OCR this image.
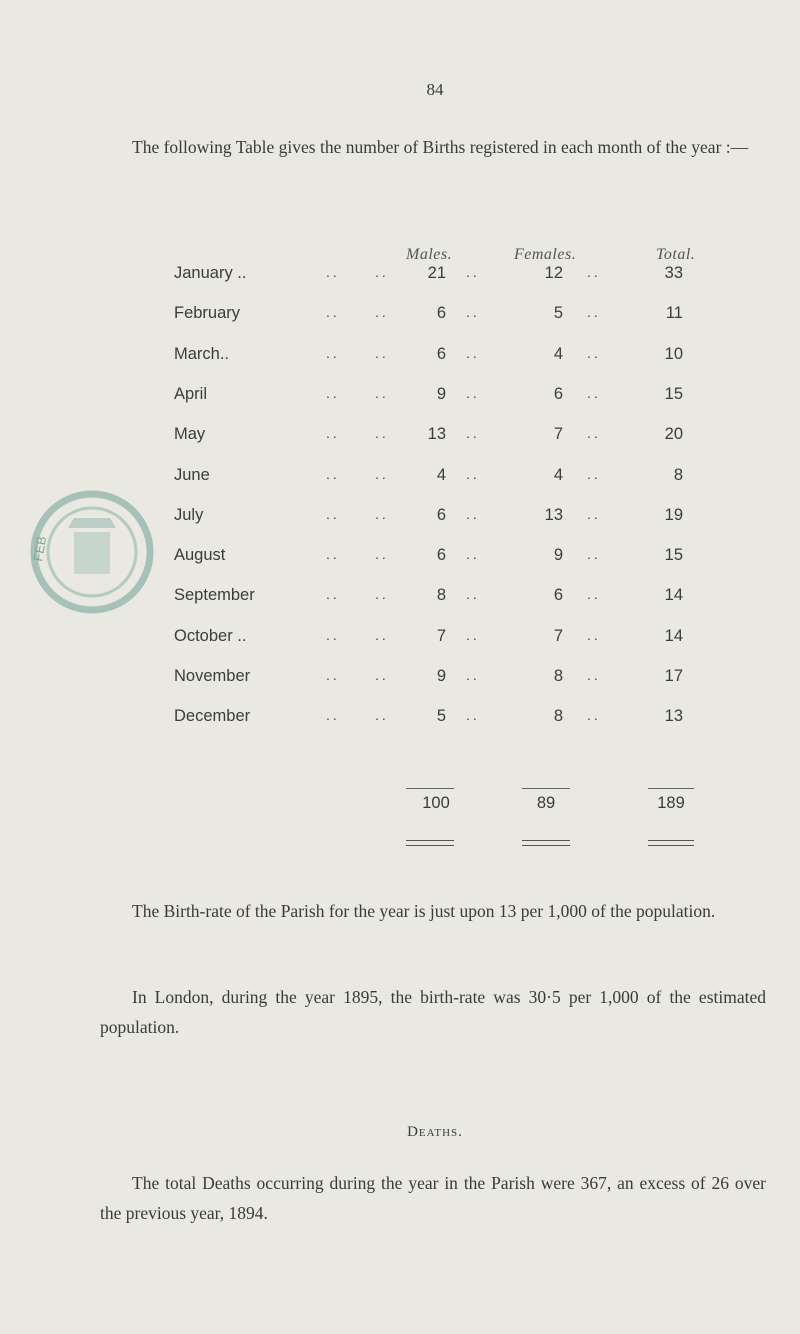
84
The following Table gives the number of Births registered in each month of the year :—
Males.	Females.	Total.
January ..	..	..	21 ..	12 ..	33
February	..	..	6 ..	5 ..	11
March..	..	..	6 ..	4 ..	10
April	..	..	9 ..	6 ..	15
May	..	..	13 ..	7 ..	20
June	..	..	4 ..	4 ..	8
July	..	..	6 ..	13 ..	19
August	..	..	6 ..	9 ..	15
September	..	..	8 ..	6 ..	14
October ..	..	..	7 ..	7 ..	14
November	..	..	9 ..	8 ..	17
December	..	..	5 ..	8 ..	13
100	89	189
The Birth-rate of the Parish for the year is just upon 13 per 1,000 of the population.
In London, during the year 1895, the birth-rate was 30·5 per 1,000 of the estimated population.
Deaths.
The total Deaths occurring during the year in the Parish were 367, an excess of 26 over the previous year, 1894.
FEB
